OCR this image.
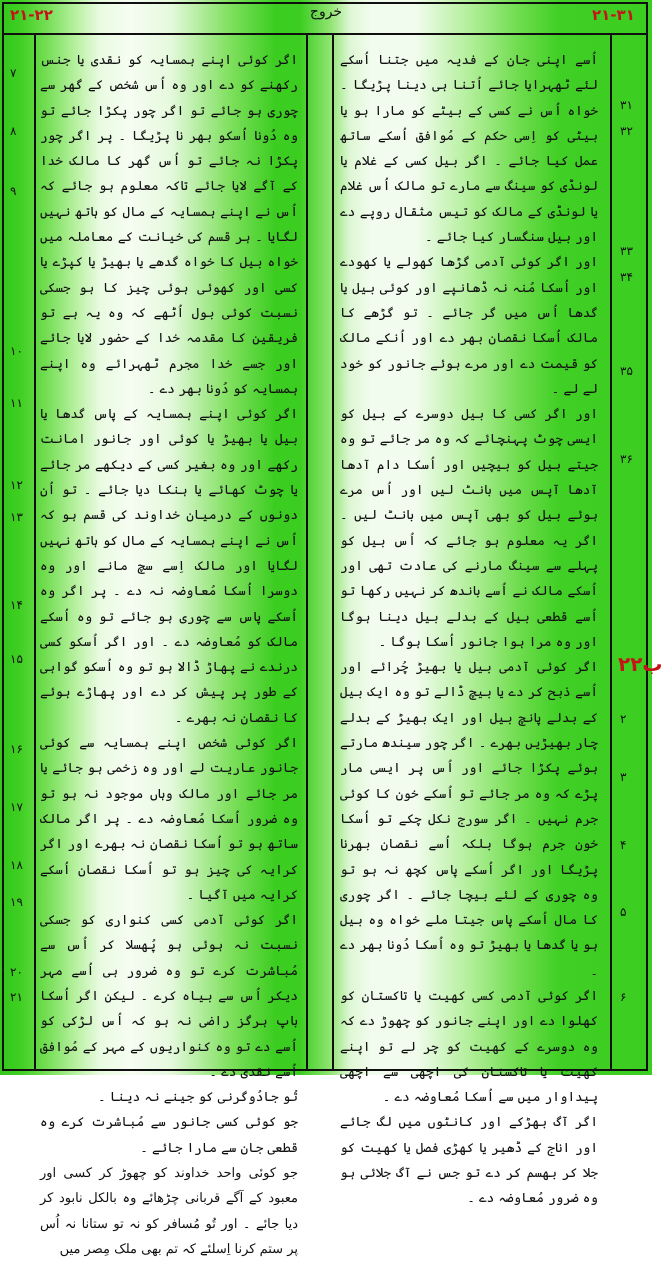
۲۱-۲۲	خروج	۲۱-۳۱
۳۱
۳۲
۳۳
۳۴
۳۵
۳۶
۲۲ب
۲
۳
۴
۵
۶
۷
۸
۹
۱۰
۱۱
۱۲
۱۳
۱۴
۱۵
۱۶
۱۷
۱۸
۱۹
۲۰
۲۱

اُسے اپنی جان کے فدیہ میں جتنا اُسکے لئے ٹھہرایا جائے اُتنا ہی دینا پڑیگا ۔ خواہ اُس نے کسی کے بیٹے کو مارا ہو یا بیٹی کو اِسی حکم کے مُوافق اُسکے ساتھ عمل کیا جائے ۔ اگر بیل کسی کے غلام یا لونڈی کو سینگ سے مارے تو مالک اُس غلام یا لونڈی کے مالک کو تیس مثقال روپے دے اور بیل سنگسار کیا جائے ۔

اور اگر کوئی آدمی گڑھا کھولے یا کھودے اور اُسکا مُنہ نہ ڈھانپے اور کوئی بیل یا گدھا اُس میں گر جائے ۔ تو گڑھے کا مالک اُسکا نقصان بھر دے اور اُنکے مالک کو قیمت دے اور مرے ہوئے جانور کو خود لے لے ۔

اور اگر کسی کا بیل دوسرے کے بیل کو ایسی چوٹ پہنچائے کہ وہ مر جائے تو وہ جیتے بیل کو بیچیں اور اُسکا دام آدھا آدھا آپس میں بانٹ لیں اور اُس مرے ہوئے بیل کو بھی آپس میں بانٹ لیں ۔ اگر یہ معلوم ہو جائے کہ اُس بیل کو پہلے سے سینگ مارنے کی عادت تھی اور اُسکے مالک نے اُسے باندھ کر نہیں رکھا تو اُسے قطعی بیل کے بدلے بیل دینا ہوگا اور وہ مرا ہوا جانور اُسکا ہوگا ۔

اگر کوئی آدمی بیل یا بھیڑ چُرائے اور اُسے ذبح کر دے یا بیچ ڈالے تو وہ ایک بیل کے بدلے پانچ بیل اور ایک بھیڑ کے بدلے چار بھیڑیں بھرے ۔ اگر چور سیندھ مارتے ہوئے پکڑا جائے اور اُس پر ایسی مار پڑے کہ وہ مر جائے تو اُسکے خون کا کوئی جرم نہیں ۔ اگر سورج نکل چکے تو اُسکا خون جرم ہوگا بلکہ اُسے نقصان بھرنا پڑیگا اور اگر اُسکے پاس کچھ نہ ہو تو وہ چوری کے لئے بیچا جائے ۔ اگر چوری کا مال اُسکے پاس جیتا ملے خواہ وہ بیل ہو یا گدھا یا بھیڑ تو وہ اُسکا دُونا بھر دے ۔

اگر کوئی آدمی کسی کھیت یا تاکستان کو کھلوا دے اور اپنے جانور کو چھوڑ دے کہ وہ دوسرے کے کھیت کو چر لے تو اپنے کھیت یا تاکستان کی اچھی سے اچھی پیداوار میں سے اُسکا مُعاوضہ دے ۔

اگر آگ بھڑکے اور کانٹوں میں لگ جائے اور اناج کے ڈھیر یا کھڑی فصل یا کھیت کو جلا کر بھسم کر دے تو جس نے آگ جلائی ہو وہ ضرور مُعاوضہ دے ۔

اگر کوئی اپنے ہمسایہ کو نقدی یا جنس رکھنے کو دے اور وہ اُس شخص کے گھر سے چوری ہو جائے تو اگر چور پکڑا جائے تو وہ دُونا اُسکو بھر نا پڑیگا ۔ پر اگر چور پکڑا نہ جائے تو اُس گھر کا مالک خدا کے آگے لایا جائے تاکہ معلوم ہو جائے کہ اُس نے اپنے ہمسایہ کے مال کو ہاتھ نہیں لگایا ۔ ہر قسم کی خیانت کے معاملہ میں خواہ بیل کا خواہ گدھے یا بھیڑ یا کپڑے یا کسی اور کھوئی ہوئی چیز کا ہو جسکی نسبت کوئی بول اُٹھے کہ وہ یہ ہے تو فریقین کا مقدمہ خدا کے حضور لایا جائے اور جسے خدا مجرم ٹھہرائے وہ اپنے ہمسایہ کو دُونا بھر دے ۔

اگر کوئی اپنے ہمسایہ کے پاس گدھا یا بیل یا بھیڑ یا کوئی اور جانور امانت رکھے اور وہ بغیر کسی کے دیکھے مر جائے یا چوٹ کھائے یا ہنکا دیا جائے ۔ تو اُن دونوں کے درمیان خداوند کی قسم ہو کہ اُس نے اپنے ہمسایہ کے مال کو ہاتھ نہیں لگایا اور مالک اِسے سچ مانے اور وہ دوسرا اُسکا مُعاوضہ نہ دے ۔ پر اگر وہ اُسکے پاس سے چوری ہو جائے تو وہ اُسکے مالک کو مُعاوضہ دے ۔ اور اگر اُسکو کسی درندے نے پھاڑ ڈالا ہو تو وہ اُسکو گواہی کے طور پر پیش کر دے اور پھاڑے ہوئے کا نقصان نہ بھرے ۔

اگر کوئی شخص اپنے ہمسایہ سے کوئی جانور عاریت لے اور وہ زخمی ہو جائے یا مر جائے اور مالک وہاں موجود نہ ہو تو وہ ضرور اُسکا مُعاوضہ دے ۔ پر اگر مالک ساتھ ہو تو اُسکا نقصان نہ بھرے اور اگر کرایہ کی چیز ہو تو اُسکا نقصان اُسکے کرایہ میں آگیا ۔

اگر کوئی آدمی کسی کنواری کو جسکی نسبت نہ ہوئی ہو پُھسلا کر اُس سے مُباشرت کرے تو وہ ضرور ہی اُسے مہر دیکر اُس سے بیاہ کرے ۔ لیکن اگر اُسکا باپ ہرگز راضی نہ ہو کہ اُس لڑکی کو اُسے دے تو وہ کنواریوں کے مہر کے مُوافق اُسے نقدی دے ۔

تُو جادُوگرنی کو جینے نہ دینا ۔

جو کوئی کسی جانور سے مُباشرت کرے وہ قطعی جان سے مارا جائے ۔

جو کوئی واحد خداوند کو چھوڑ کر کسی اور معبود کے آگے قربانی چڑھائے وہ بالکل نابود کر دیا جائے ۔ اور تُو مُسافر کو نہ تو ستانا نہ اُس پر ستم کرنا اِسلئے کہ تم بھی ملک مِصر میں
